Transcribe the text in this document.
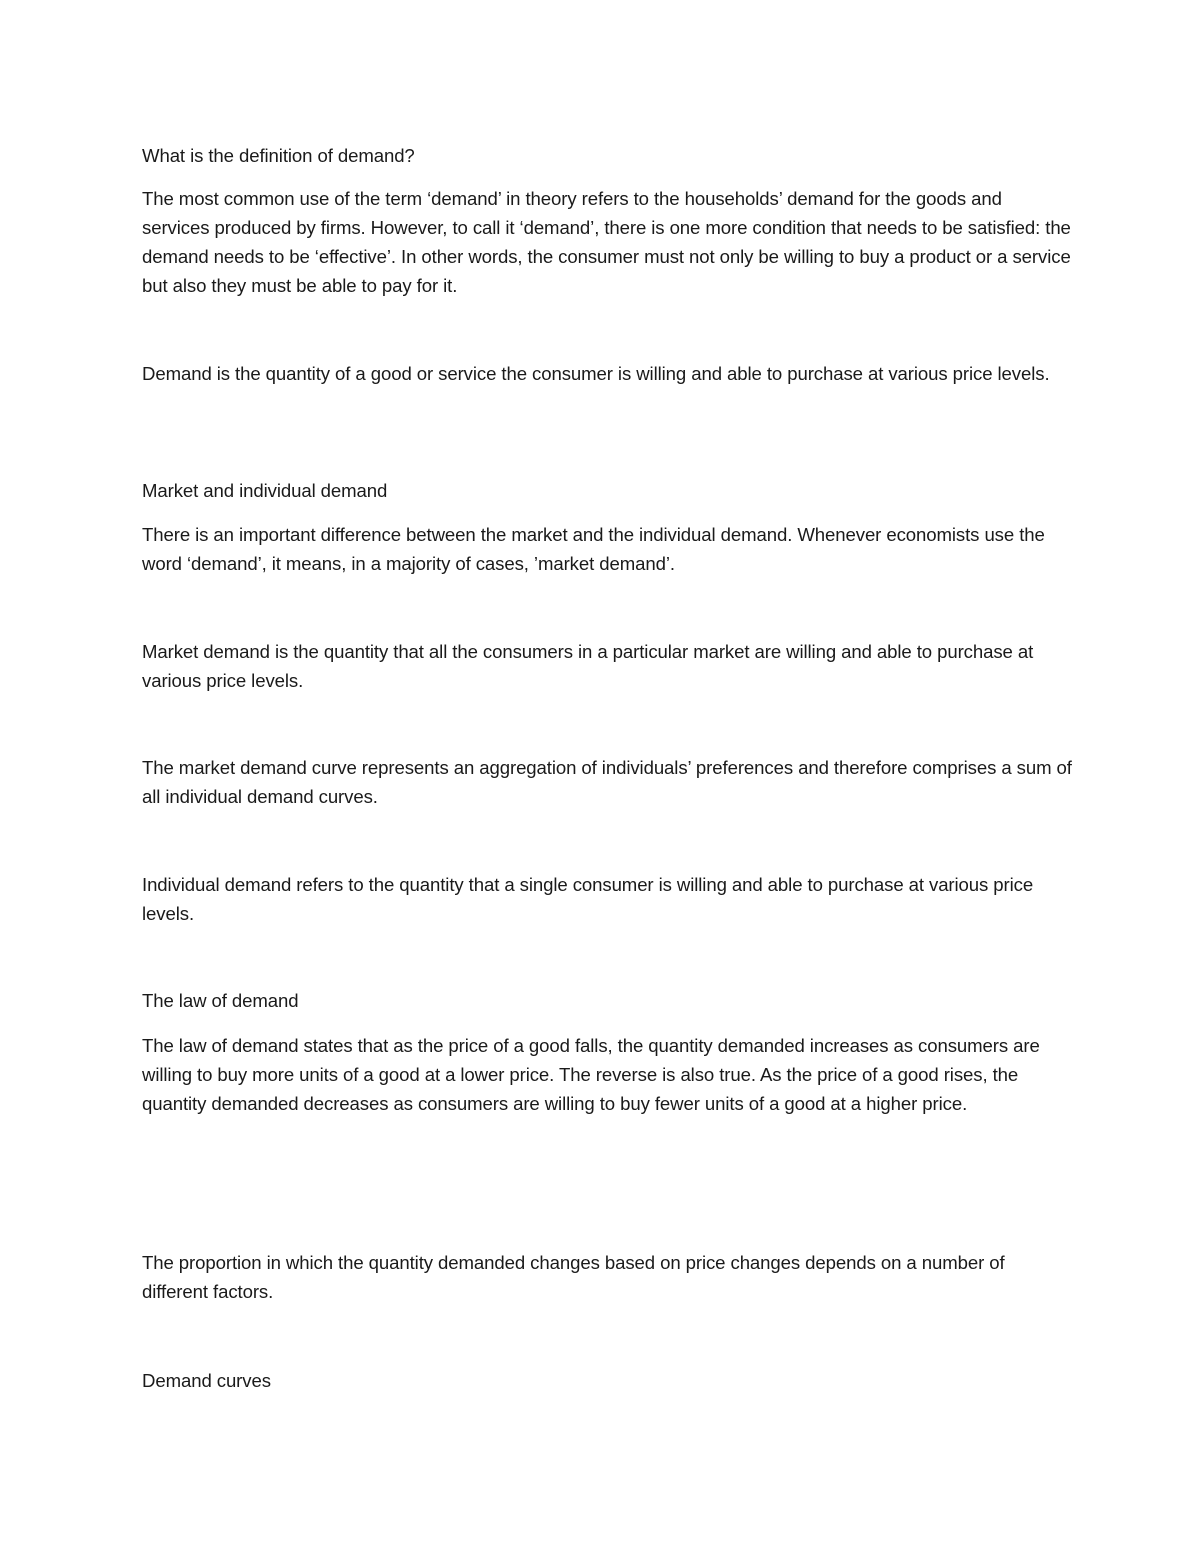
What is the definition of demand?

The most common use of the term ‘demand’ in theory refers to the households’ demand for the goods and services produced by firms. However, to call it ‘demand’, there is one more condition that needs to be satisfied: the demand needs to be ‘effective’. In other words, the consumer must not only be willing to buy a product or a service but also they must be able to pay for it.

Demand is the quantity of a good or service the consumer is willing and able to purchase at various price levels.

Market and individual demand

There is an important difference between the market and the individual demand. Whenever economists use the word ‘demand’, it means, in a majority of cases, ’market demand’.

Market demand is the quantity that all the consumers in a particular market are willing and able to purchase at various price levels.

The market demand curve represents an aggregation of individuals’ preferences and therefore comprises a sum of all individual demand curves.

Individual demand refers to the quantity that a single consumer is willing and able to purchase at various price levels.

The law of demand

The law of demand states that as the price of a good falls, the quantity demanded increases as consumers are willing to buy more units of a good at a lower price. The reverse is also true. As the price of a good rises, the quantity demanded decreases as consumers are willing to buy fewer units of a good at a higher price.

The proportion in which the quantity demanded changes based on price changes depends on a number of different factors.

Demand curves
